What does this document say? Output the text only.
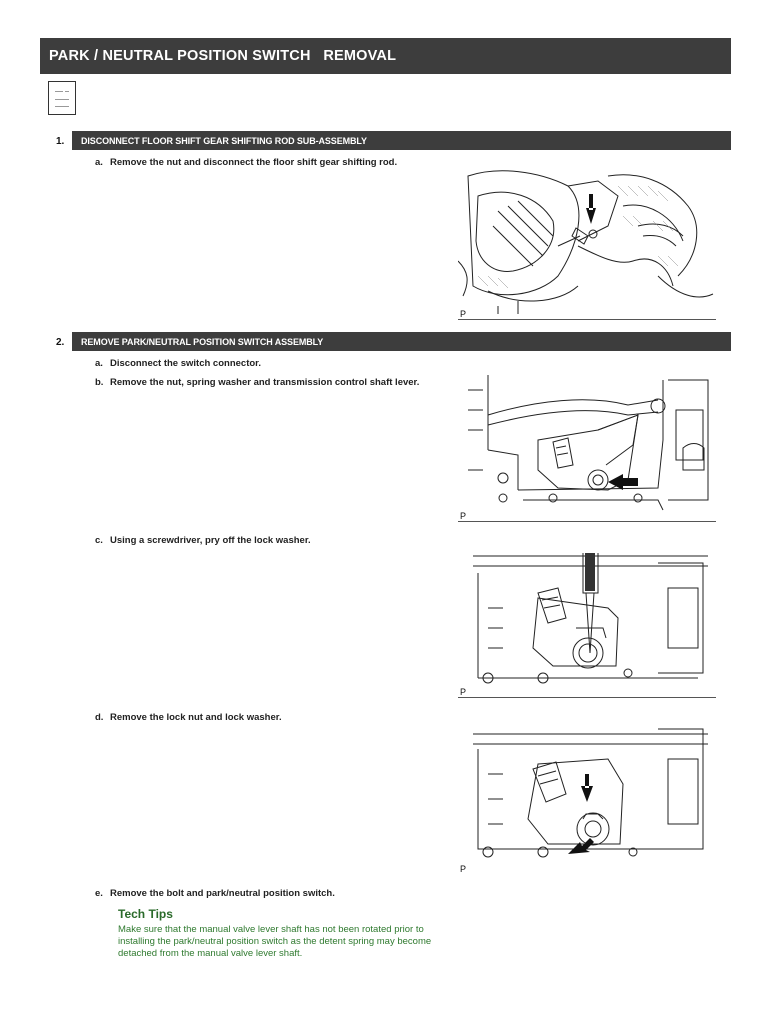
PARK / NEUTRAL POSITION SWITCH   REMOVAL
1.	DISCONNECT FLOOR SHIFT GEAR SHIFTING ROD SUB-ASSEMBLY
a. Remove the nut and disconnect the floor shift gear shifting rod.
P
2.	REMOVE PARK/NEUTRAL POSITION SWITCH ASSEMBLY
a. Disconnect the switch connector.
b. Remove the nut, spring washer and transmission control shaft lever.
P
c. Using a screwdriver, pry off the lock washer.
P
d. Remove the lock nut and lock washer.
P
e. Remove the bolt and park/neutral position switch.
Tech Tips
Make sure that the manual valve lever shaft has not been rotated prior to installing the park/neutral position switch as the detent spring may become detached from the manual valve lever shaft.
